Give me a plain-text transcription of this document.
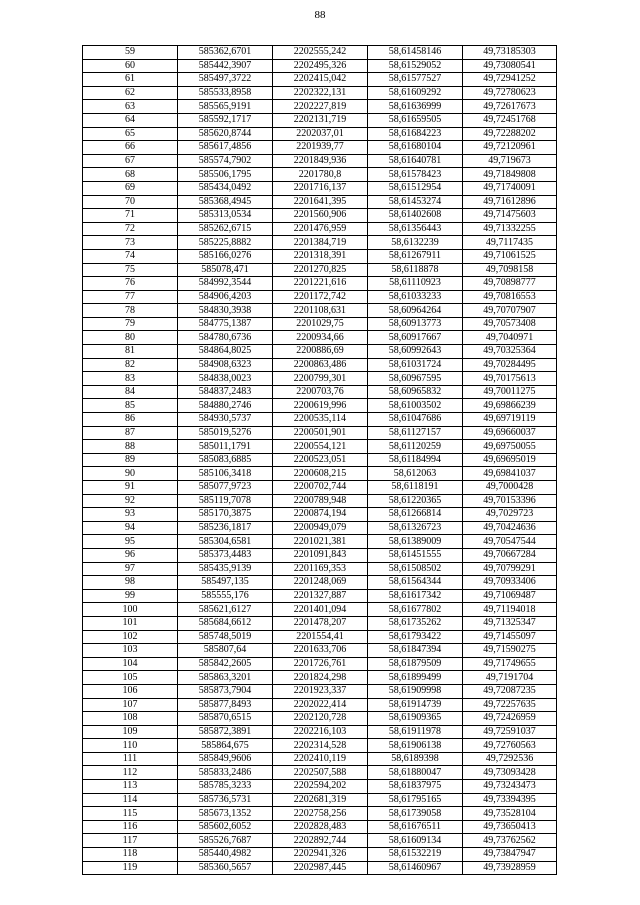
88
59	585362,6701	2202555,242	58,61458146	49,73185303
60	585442,3907	2202495,326	58,61529052	49,73080541
61	585497,3722	2202415,042	58,61577527	49,72941252
62	585533,8958	2202322,131	58,61609292	49,72780623
63	585565,9191	2202227,819	58,61636999	49,72617673
64	585592,1717	2202131,719	58,61659505	49,72451768
65	585620,8744	2202037,01	58,61684223	49,72288202
66	585617,4856	2201939,77	58,61680104	49,72120961
67	585574,7902	2201849,936	58,61640781	49,719673
68	585506,1795	2201780,8	58,61578423	49,71849808
69	585434,0492	2201716,137	58,61512954	49,71740091
70	585368,4945	2201641,395	58,61453274	49,71612896
71	585313,0534	2201560,906	58,61402608	49,71475603
72	585262,6715	2201476,959	58,61356443	49,71332255
73	585225,8882	2201384,719	58,6132239	49,7117435
74	585166,0276	2201318,391	58,61267911	49,71061525
75	585078,471	2201270,825	58,6118878	49,7098158
76	584992,3544	2201221,616	58,61110923	49,70898777
77	584906,4203	2201172,742	58,61033233	49,70816553
78	584830,3938	2201108,631	58,60964264	49,70707907
79	584775,1387	2201029,75	58,60913773	49,70573408
80	584780,6736	2200934,66	58,60917667	49,7040971
81	584864,8025	2200886,69	58,60992643	49,70325364
82	584908,6323	2200863,486	58,61031724	49,70284495
83	584838,0023	2200799,301	58,60967595	49,70175613
84	584837,2483	2200703,76	58,60965832	49,70011275
85	584880,2746	2200619,996	58,61003502	49,69866239
86	584930,5737	2200535,114	58,61047686	49,69719119
87	585019,5276	2200501,901	58,61127157	49,69660037
88	585011,1791	2200554,121	58,61120259	49,69750055
89	585083,6885	2200523,051	58,61184994	49,69695019
90	585106,3418	2200608,215	58,612063	49,69841037
91	585077,9723	2200702,744	58,6118191	49,7000428
92	585119,7078	2200789,948	58,61220365	49,70153396
93	585170,3875	2200874,194	58,61266814	49,7029723
94	585236,1817	2200949,079	58,61326723	49,70424636
95	585304,6581	2201021,381	58,61389009	49,70547544
96	585373,4483	2201091,843	58,61451555	49,70667284
97	585435,9139	2201169,353	58,61508502	49,70799291
98	585497,135	2201248,069	58,61564344	49,70933406
99	585555,176	2201327,887	58,61617342	49,71069487
100	585621,6127	2201401,094	58,61677802	49,71194018
101	585684,6612	2201478,207	58,61735262	49,71325347
102	585748,5019	2201554,41	58,61793422	49,71455097
103	585807,64	2201633,706	58,61847394	49,71590275
104	585842,2605	2201726,761	58,61879509	49,71749655
105	585863,3201	2201824,298	58,61899499	49,7191704
106	585873,7904	2201923,337	58,61909998	49,72087235
107	585877,8493	2202022,414	58,61914739	49,72257635
108	585870,6515	2202120,728	58,61909365	49,72426959
109	585872,3891	2202216,103	58,61911978	49,72591037
110	585864,675	2202314,528	58,61906138	49,72760563
111	585849,9606	2202410,119	58,6189398	49,7292536
112	585833,2486	2202507,588	58,61880047	49,73093428
113	585785,3233	2202594,202	58,61837975	49,73243473
114	585736,5731	2202681,319	58,61795165	49,73394395
115	585673,1352	2202758,256	58,61739058	49,73528104
116	585602,6052	2202828,483	58,61676511	49,73650413
117	585526,7687	2202892,744	58,61609134	49,73762562
118	585440,4982	2202941,326	58,61532219	49,73847947
119	585360,5657	2202987,445	58,61460967	49,73928959
